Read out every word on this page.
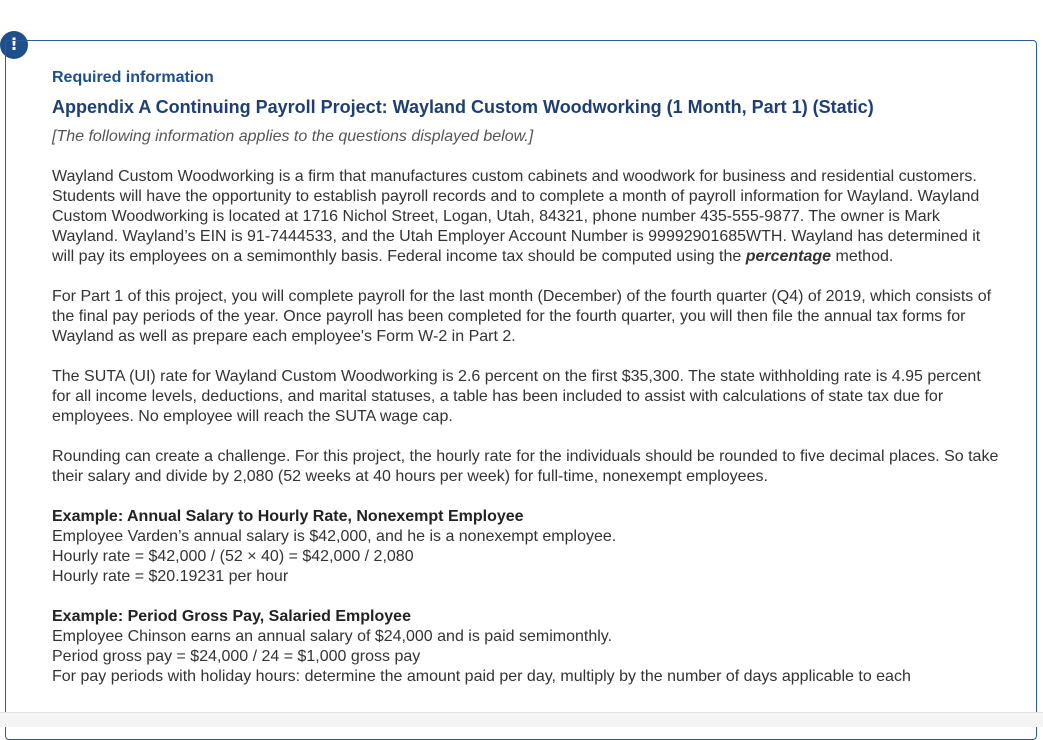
!

Required information

Appendix A Continuing Payroll Project: Wayland Custom Woodworking (1 Month, Part 1) (Static)

[The following information applies to the questions displayed below.]

Wayland Custom Woodworking is a firm that manufactures custom cabinets and woodwork for business and residential customers. Students will have the opportunity to establish payroll records and to complete a month of payroll information for Wayland. Wayland Custom Woodworking is located at 1716 Nichol Street, Logan, Utah, 84321, phone number 435-555-9877. The owner is Mark Wayland. Wayland’s EIN is 91-7444533, and the Utah Employer Account Number is 99992901685WTH. Wayland has determined it will pay its employees on a semimonthly basis. Federal income tax should be computed using the percentage method.

For Part 1 of this project, you will complete payroll for the last month (December) of the fourth quarter (Q4) of 2019, which consists of the final pay periods of the year. Once payroll has been completed for the fourth quarter, you will then file the annual tax forms for Wayland as well as prepare each employee's Form W-2 in Part 2.

The SUTA (UI) rate for Wayland Custom Woodworking is 2.6 percent on the first $35,300. The state withholding rate is 4.95 percent for all income levels, deductions, and marital statuses, a table has been included to assist with calculations of state tax due for employees. No employee will reach the SUTA wage cap.

Rounding can create a challenge. For this project, the hourly rate for the individuals should be rounded to five decimal places. So take their salary and divide by 2,080 (52 weeks at 40 hours per week) for full-time, nonexempt employees.

Example: Annual Salary to Hourly Rate, Nonexempt Employee
Employee Varden’s annual salary is $42,000, and he is a nonexempt employee.
Hourly rate = $42,000 / (52 × 40) = $42,000 / 2,080
Hourly rate = $20.19231 per hour
Example: Period Gross Pay, Salaried Employee
Employee Chinson earns an annual salary of $24,000 and is paid semimonthly.
Period gross pay = $24,000 / 24 = $1,000 gross pay
For pay periods with holiday hours: determine the amount paid per day, multiply by the number of days applicable to each
